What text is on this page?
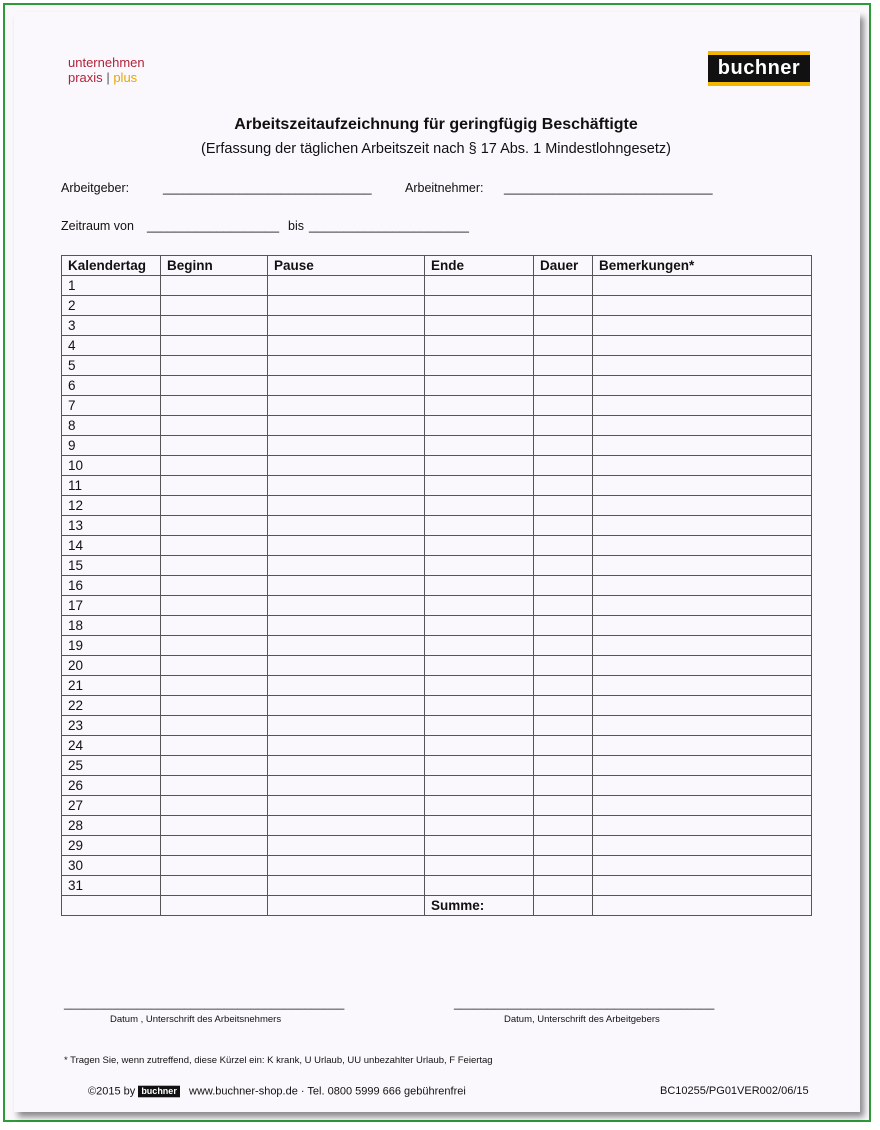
unternehmen
praxis | plus	buchner
Arbeitszeitaufzeichnung für geringfügig Beschäftigte
(Erfassung der täglichen Arbeitszeit nach § 17 Abs. 1 Mindestlohngesetz)
Arbeitgeber:	______________________________	Arbeitnehmer: ______________________________
Zeitraum von ___________________ bis _______________________
Kalendertag	Beginn	Pause	Ende	Dauer	Bemerkungen*
1					
2					
3					
4					
5					
6					
7					
8					
9					
10					
11					
12					
13					
14					
15					
16					
17					
18					
19					
20					
21					
22					
23					
24					
25					
26					
27					
28					
29					
30					
31					
			Summe:		
__________________________________________
Datum , Unterschrift des Arbeitsnehmers
_______________________________________
Datum, Unterschrift des Arbeitgebers
* Tragen Sie, wenn zutreffend, diese Kürzel ein: K krank, U Urlaub, UU unbezahlter Urlaub, F Feiertag
©2015 by buchner www.buchner-shop.de · Tel. 0800 5999 666 gebührenfrei	BC10255/PG01VER002/06/15
